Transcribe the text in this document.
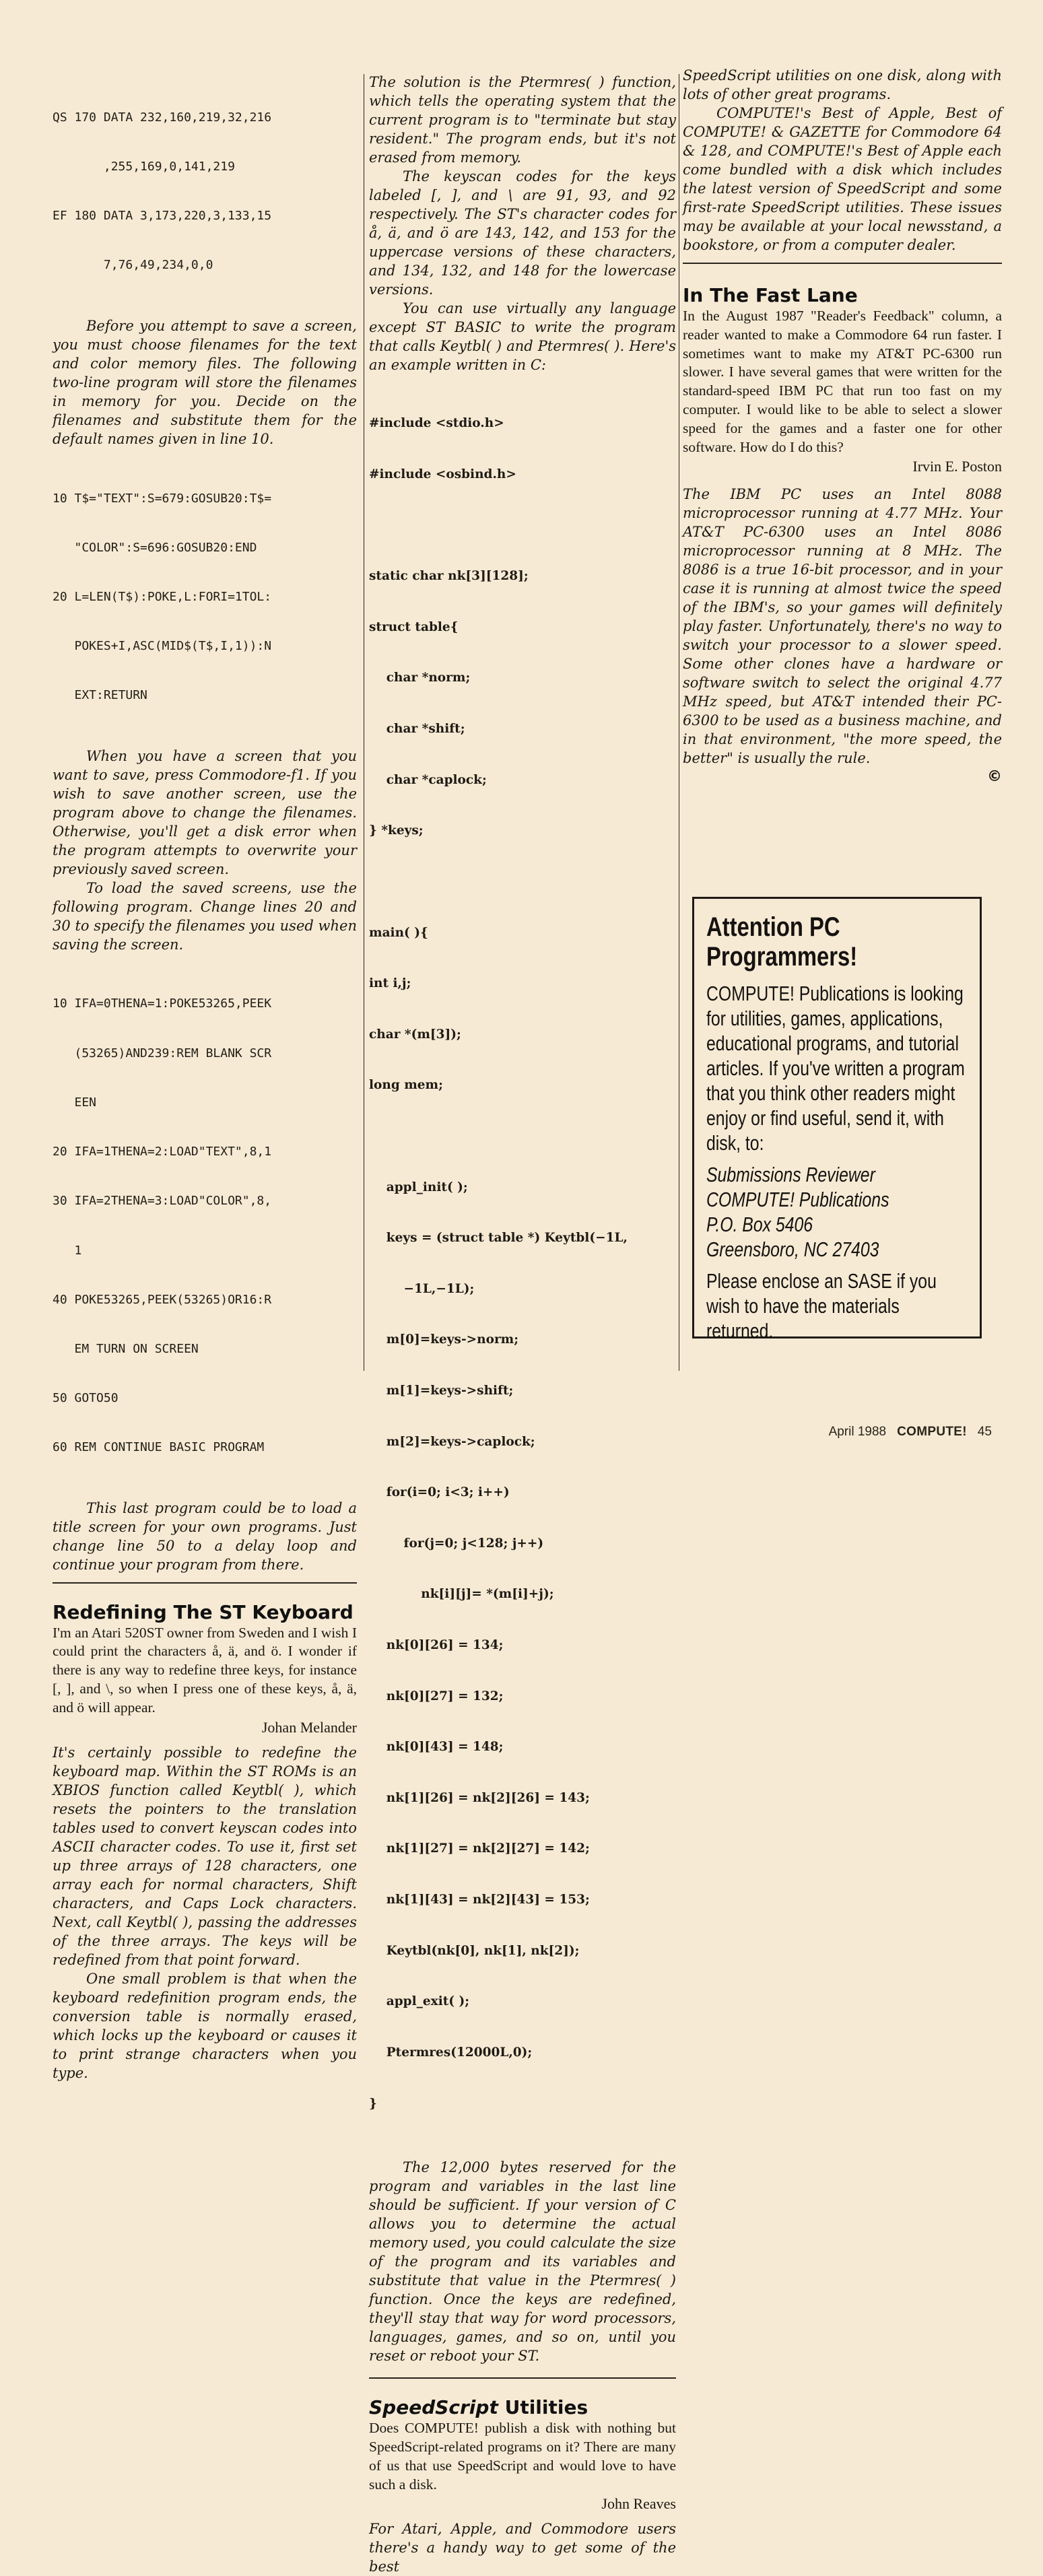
QS 170 DATA 232,160,219,32,216

,255,169,0,141,219

EF 180 DATA 3,173,220,3,133,15

7,76,49,234,0,0

Before you attempt to save a screen, you must choose filenames for the text and color memory files. The following two-line program will store the filenames in memory for you. Decide on the filenames and substitute them for the default names given in line 10.

10 T$="TEXT":S=679:GOSUB20:T$=

"COLOR":S=696:GOSUB20:END

20 L=LEN(T$):POKE,L:FORI=1TOL:

POKES+I,ASC(MID$(T$,I,1)):N

EXT:RETURN

When you have a screen that you want to save, press Commodore-f1. If you wish to save another screen, use the program above to change the filenames. Otherwise, you'll get a disk error when the program attempts to overwrite your previously saved screen.

To load the saved screens, use the following program. Change lines 20 and 30 to specify the filenames you used when saving the screen.

10 IFA=0THENA=1:POKE53265,PEEK

(53265)AND239:REM BLANK SCR

EEN

20 IFA=1THENA=2:LOAD"TEXT",8,1

30 IFA=2THENA=3:LOAD"COLOR",8,

1

40 POKE53265,PEEK(53265)OR16:R

EM TURN ON SCREEN

50 GOTO50

60 REM CONTINUE BASIC PROGRAM

This last program could be to load a title screen for your own programs. Just change line 50 to a delay loop and continue your program from there.

Redefining The ST Keyboard

I'm an Atari 520ST owner from Sweden and I wish I could print the characters å, ä, and ö. I wonder if there is any way to redefine three keys, for instance [, ], and \, so when I press one of these keys, å, ä, and ö will appear.

Johan Melander

It's certainly possible to redefine the keyboard map. Within the ST ROMs is an XBIOS function called Keytbl( ), which resets the pointers to the translation tables used to convert keyscan codes into ASCII character codes. To use it, first set up three arrays of 128 characters, one array each for normal characters, Shift characters, and Caps Lock characters. Next, call Keytbl( ), passing the addresses of the three arrays. The keys will be redefined from that point forward.

One small problem is that when the keyboard redefinition program ends, the conversion table is normally erased, which locks up the keyboard or causes it to print strange characters when you type.

The solution is the Ptermres( ) function, which tells the operating system that the current program is to "terminate but stay resident." The program ends, but it's not erased from memory.

The keyscan codes for the keys labeled [, ], and \ are 91, 93, and 92 respectively. The ST's character codes for å, ä, and ö are 143, 142, and 153 for the uppercase versions of these characters, and 134, 132, and 148 for the lowercase versions.

You can use virtually any language except ST BASIC to write the program that calls Keytbl( ) and Ptermres( ). Here's an example written in C:

#include <stdio.h>

#include <osbind.h>

static char nk[3][128];

struct table{

char *norm;

char *shift;

char *caplock;

} *keys;

main( ){

int i,j;

char *(m[3]);

long mem;

appl_init( );

keys = (struct table *) Keytbl(−1L,

−1L,−1L);

m[0]=keys->norm;

m[1]=keys->shift;

m[2]=keys->caplock;

for(i=0; i<3; i++)

for(j=0; j<128; j++)

nk[i][j]= *(m[i]+j);

nk[0][26] = 134;

nk[0][27] = 132;

nk[0][43] = 148;

nk[1][26] = nk[2][26] = 143;

nk[1][27] = nk[2][27] = 142;

nk[1][43] = nk[2][43] = 153;

Keytbl(nk[0], nk[1], nk[2]);

appl_exit( );

Ptermres(12000L,0);

}

The 12,000 bytes reserved for the program and variables in the last line should be sufficient. If your version of C allows you to determine the actual memory used, you could calculate the size of the program and its variables and substitute that value in the Ptermres( ) function. Once the keys are redefined, they'll stay that way for word processors, languages, games, and so on, until you reset or reboot your ST.

SpeedScript Utilities

Does COMPUTE! publish a disk with nothing but SpeedScript-related programs on it? There are many of us that use SpeedScript and would love to have such a disk.

John Reaves

For Atari, Apple, and Commodore users there's a handy way to get some of the best

SpeedScript utilities on one disk, along with lots of other great programs.

COMPUTE!'s Best of Apple, Best of COMPUTE! & GAZETTE for Commodore 64 & 128, and COMPUTE!'s Best of Apple each come bundled with a disk which includes the latest version of SpeedScript and some first-rate SpeedScript utilities. These issues may be available at your local newsstand, a bookstore, or from a computer dealer.

In The Fast Lane

In the August 1987 "Reader's Feedback" column, a reader wanted to make a Commodore 64 run faster. I sometimes want to make my AT&T PC-6300 run slower. I have several games that were written for the standard-speed IBM PC that run too fast on my computer. I would like to be able to select a slower speed for the games and a faster one for other software. How do I do this?

Irvin E. Poston

The IBM PC uses an Intel 8088 microprocessor running at 4.77 MHz. Your AT&T PC-6300 uses an Intel 8086 microprocessor running at 8 MHz. The 8086 is a true 16-bit processor, and in your case it is running at almost twice the speed of the IBM's, so your games will definitely play faster. Unfortunately, there's no way to switch your processor to a slower speed. Some other clones have a hardware or software switch to select the original 4.77 MHz speed, but AT&T intended their PC-6300 to be used as a business machine, and in that environment, "the more speed, the better" is usually the rule.

©

Attention PC Programmers!

COMPUTE! Publications is looking for utilities, games, applications, educational programs, and tutorial articles. If you've written a program that you think other readers might enjoy or find useful, send it, with disk, to:

Submissions Reviewer
COMPUTE! Publications
P.O. Box 5406
Greensboro, NC 27403

Please enclose an SASE if you wish to have the materials returned.

April 1988 COMPUTE! 45
